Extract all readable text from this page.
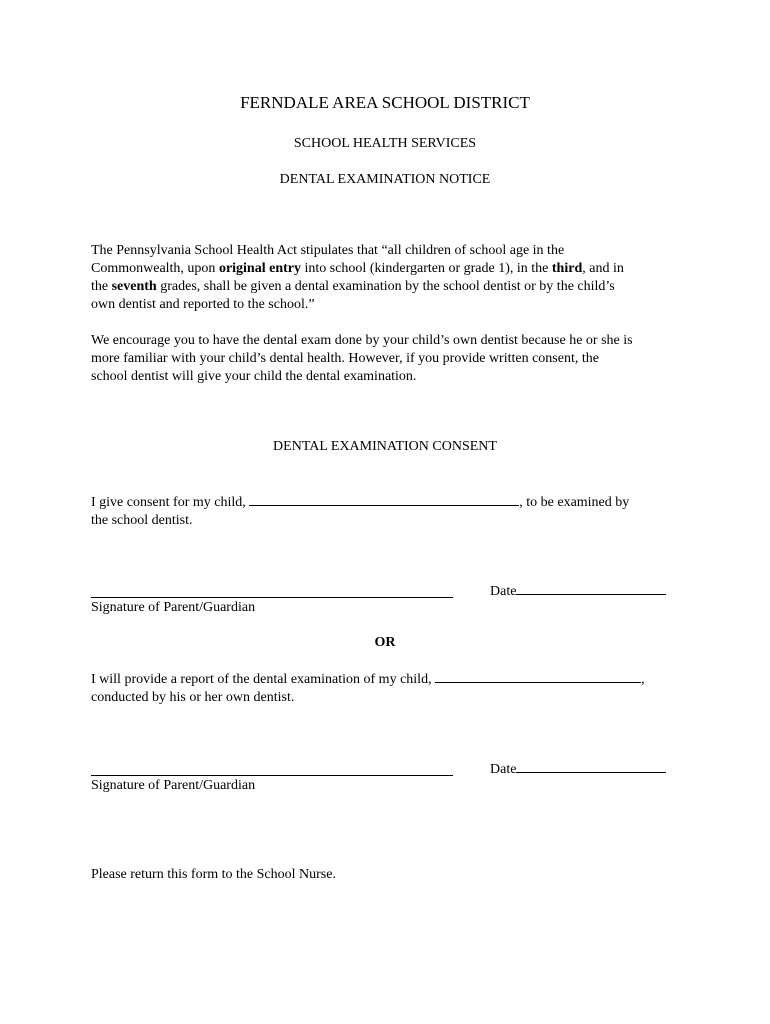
FERNDALE AREA SCHOOL DISTRICT
SCHOOL HEALTH SERVICES
DENTAL EXAMINATION NOTICE
The Pennsylvania School Health Act stipulates that “all children of school age in the
Commonwealth, upon original entry into school (kindergarten or grade 1), in the third, and in
the seventh grades, shall be given a dental examination by the school dentist or by the child’s
own dentist and reported to the school.”
We encourage you to have the dental exam done by your child’s own dentist because he or she is
more familiar with your child’s dental health. However, if you provide written consent, the
school dentist will give your child the dental examination.
DENTAL EXAMINATION CONSENT
I give consent for my child,	, to be examined by
the school dentist.
Signature of Parent/Guardian
Date
OR
I will provide a report of the dental examination of my child,	,
conducted by his or her own dentist.
Signature of Parent/Guardian
Date
Please return this form to the School Nurse.
